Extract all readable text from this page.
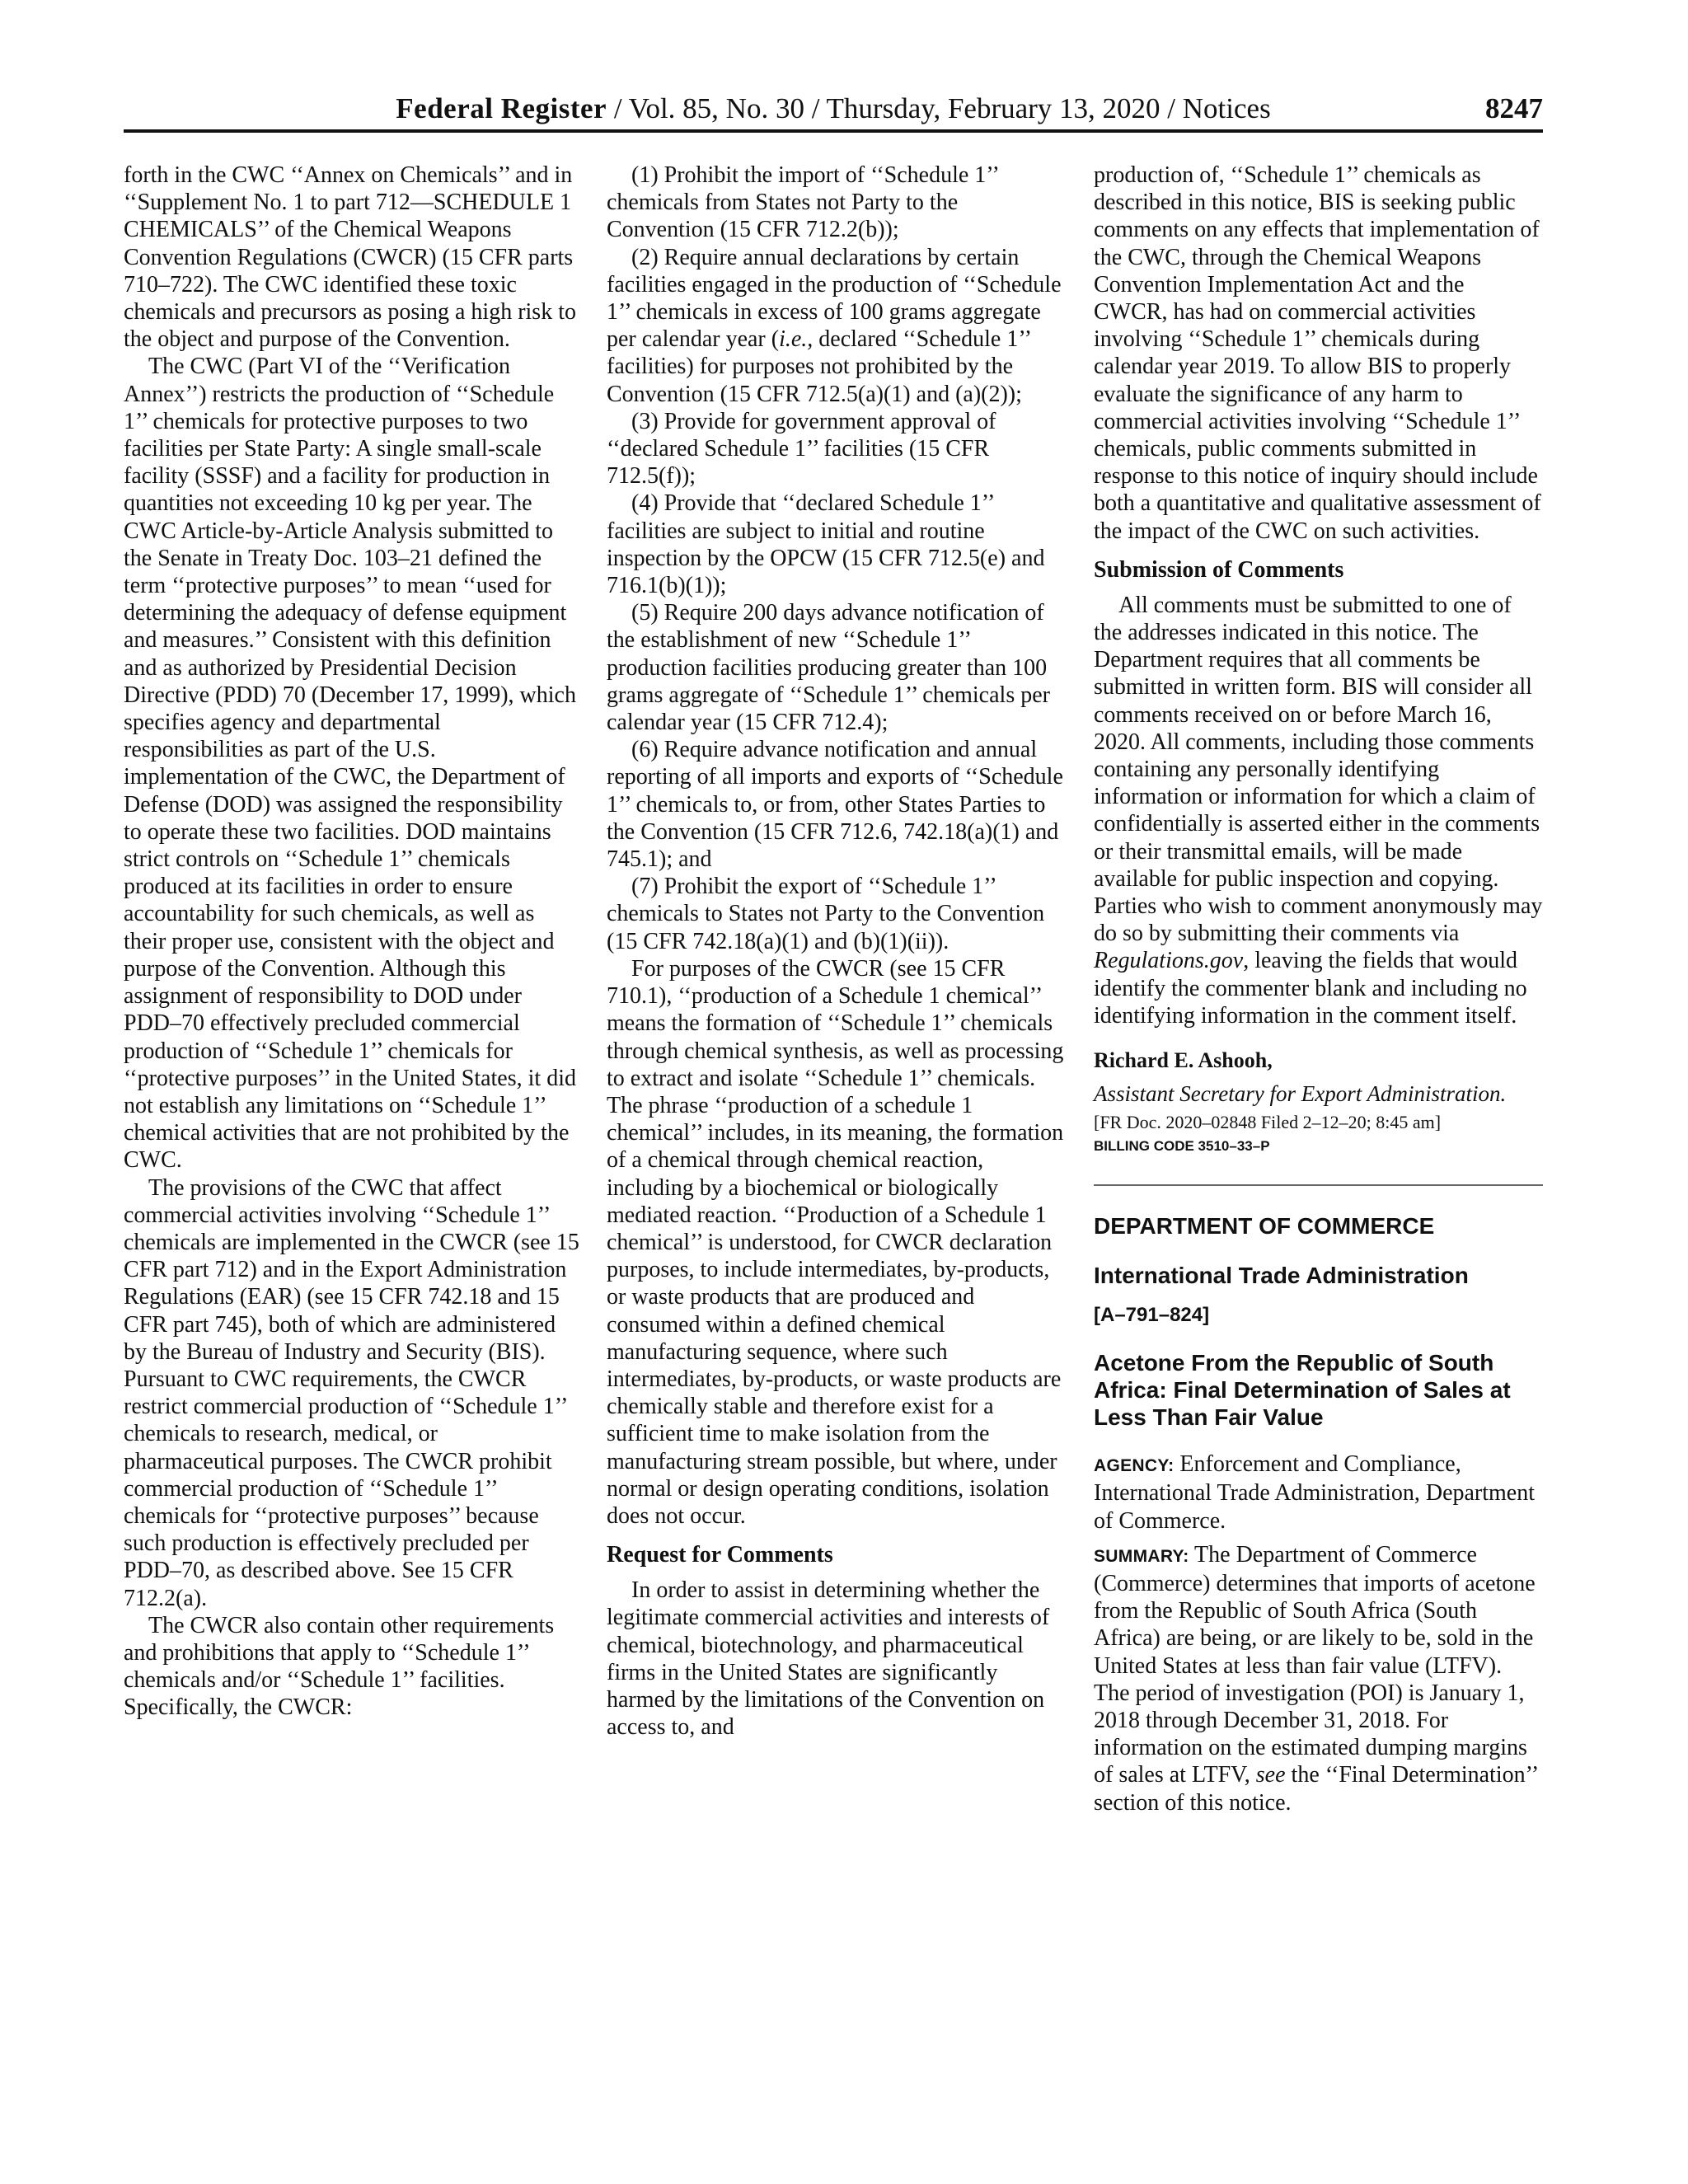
Federal Register / Vol. 85, No. 30 / Thursday, February 13, 2020 / Notices	8247

forth in the CWC ‘‘Annex on Chemicals’’ and in ‘‘Supplement No. 1 to part 712—SCHEDULE 1 CHEMICALS’’ of the Chemical Weapons Convention Regulations (CWCR) (15 CFR parts 710–722). The CWC identified these toxic chemicals and precursors as posing a high risk to the object and purpose of the Convention.

The CWC (Part VI of the ‘‘Verification Annex’’) restricts the production of ‘‘Schedule 1’’ chemicals for protective purposes to two facilities per State Party: A single small-scale facility (SSSF) and a facility for production in quantities not exceeding 10 kg per year. The CWC Article-by-Article Analysis submitted to the Senate in Treaty Doc. 103–21 defined the term ‘‘protective purposes’’ to mean ‘‘used for determining the adequacy of defense equipment and measures.’’ Consistent with this definition and as authorized by Presidential Decision Directive (PDD) 70 (December 17, 1999), which specifies agency and departmental responsibilities as part of the U.S. implementation of the CWC, the Department of Defense (DOD) was assigned the responsibility to operate these two facilities. DOD maintains strict controls on ‘‘Schedule 1’’ chemicals produced at its facilities in order to ensure accountability for such chemicals, as well as their proper use, consistent with the object and purpose of the Convention. Although this assignment of responsibility to DOD under PDD–70 effectively precluded commercial production of ‘‘Schedule 1’’ chemicals for ‘‘protective purposes’’ in the United States, it did not establish any limitations on ‘‘Schedule 1’’ chemical activities that are not prohibited by the CWC.

The provisions of the CWC that affect commercial activities involving ‘‘Schedule 1’’ chemicals are implemented in the CWCR (see 15 CFR part 712) and in the Export Administration Regulations (EAR) (see 15 CFR 742.18 and 15 CFR part 745), both of which are administered by the Bureau of Industry and Security (BIS). Pursuant to CWC requirements, the CWCR restrict commercial production of ‘‘Schedule 1’’ chemicals to research, medical, or pharmaceutical purposes. The CWCR prohibit commercial production of ‘‘Schedule 1’’ chemicals for ‘‘protective purposes’’ because such production is effectively precluded per PDD–70, as described above. See 15 CFR 712.2(a).

The CWCR also contain other requirements and prohibitions that apply to ‘‘Schedule 1’’ chemicals and/or ‘‘Schedule 1’’ facilities. Specifically, the CWCR:

(1) Prohibit the import of ‘‘Schedule 1’’ chemicals from States not Party to the Convention (15 CFR 712.2(b));

(2) Require annual declarations by certain facilities engaged in the production of ‘‘Schedule 1’’ chemicals in excess of 100 grams aggregate per calendar year (i.e., declared ‘‘Schedule 1’’ facilities) for purposes not prohibited by the Convention (15 CFR 712.5(a)(1) and (a)(2));

(3) Provide for government approval of ‘‘declared Schedule 1’’ facilities (15 CFR 712.5(f));

(4) Provide that ‘‘declared Schedule 1’’ facilities are subject to initial and routine inspection by the OPCW (15 CFR 712.5(e) and 716.1(b)(1));

(5) Require 200 days advance notification of the establishment of new ‘‘Schedule 1’’ production facilities producing greater than 100 grams aggregate of ‘‘Schedule 1’’ chemicals per calendar year (15 CFR 712.4);

(6) Require advance notification and annual reporting of all imports and exports of ‘‘Schedule 1’’ chemicals to, or from, other States Parties to the Convention (15 CFR 712.6, 742.18(a)(1) and 745.1); and

(7) Prohibit the export of ‘‘Schedule 1’’ chemicals to States not Party to the Convention (15 CFR 742.18(a)(1) and (b)(1)(ii)).

For purposes of the CWCR (see 15 CFR 710.1), ‘‘production of a Schedule 1 chemical’’ means the formation of ‘‘Schedule 1’’ chemicals through chemical synthesis, as well as processing to extract and isolate ‘‘Schedule 1’’ chemicals. The phrase ‘‘production of a schedule 1 chemical’’ includes, in its meaning, the formation of a chemical through chemical reaction, including by a biochemical or biologically mediated reaction. ‘‘Production of a Schedule 1 chemical’’ is understood, for CWCR declaration purposes, to include intermediates, by-products, or waste products that are produced and consumed within a defined chemical manufacturing sequence, where such intermediates, by-products, or waste products are chemically stable and therefore exist for a sufficient time to make isolation from the manufacturing stream possible, but where, under normal or design operating conditions, isolation does not occur.

Request for Comments

In order to assist in determining whether the legitimate commercial activities and interests of chemical, biotechnology, and pharmaceutical firms in the United States are significantly harmed by the limitations of the Convention on access to, and

production of, ‘‘Schedule 1’’ chemicals as described in this notice, BIS is seeking public comments on any effects that implementation of the CWC, through the Chemical Weapons Convention Implementation Act and the CWCR, has had on commercial activities involving ‘‘Schedule 1’’ chemicals during calendar year 2019. To allow BIS to properly evaluate the significance of any harm to commercial activities involving ‘‘Schedule 1’’ chemicals, public comments submitted in response to this notice of inquiry should include both a quantitative and qualitative assessment of the impact of the CWC on such activities.

Submission of Comments

All comments must be submitted to one of the addresses indicated in this notice. The Department requires that all comments be submitted in written form. BIS will consider all comments received on or before March 16, 2020. All comments, including those comments containing any personally identifying information or information for which a claim of confidentially is asserted either in the comments or their transmittal emails, will be made available for public inspection and copying. Parties who wish to comment anonymously may do so by submitting their comments via Regulations.gov, leaving the fields that would identify the commenter blank and including no identifying information in the comment itself.

Richard E. Ashooh,
Assistant Secretary for Export Administration.
[FR Doc. 2020–02848 Filed 2–12–20; 8:45 am]
BILLING CODE 3510–33–P
DEPARTMENT OF COMMERCE
International Trade Administration
[A–791–824]
Acetone From the Republic of South Africa: Final Determination of Sales at Less Than Fair Value

AGENCY: Enforcement and Compliance, International Trade Administration, Department of Commerce.

SUMMARY: The Department of Commerce (Commerce) determines that imports of acetone from the Republic of South Africa (South Africa) are being, or are likely to be, sold in the United States at less than fair value (LTFV). The period of investigation (POI) is January 1, 2018 through December 31, 2018. For information on the estimated dumping margins of sales at LTFV, see the ‘‘Final Determination’’ section of this notice.
